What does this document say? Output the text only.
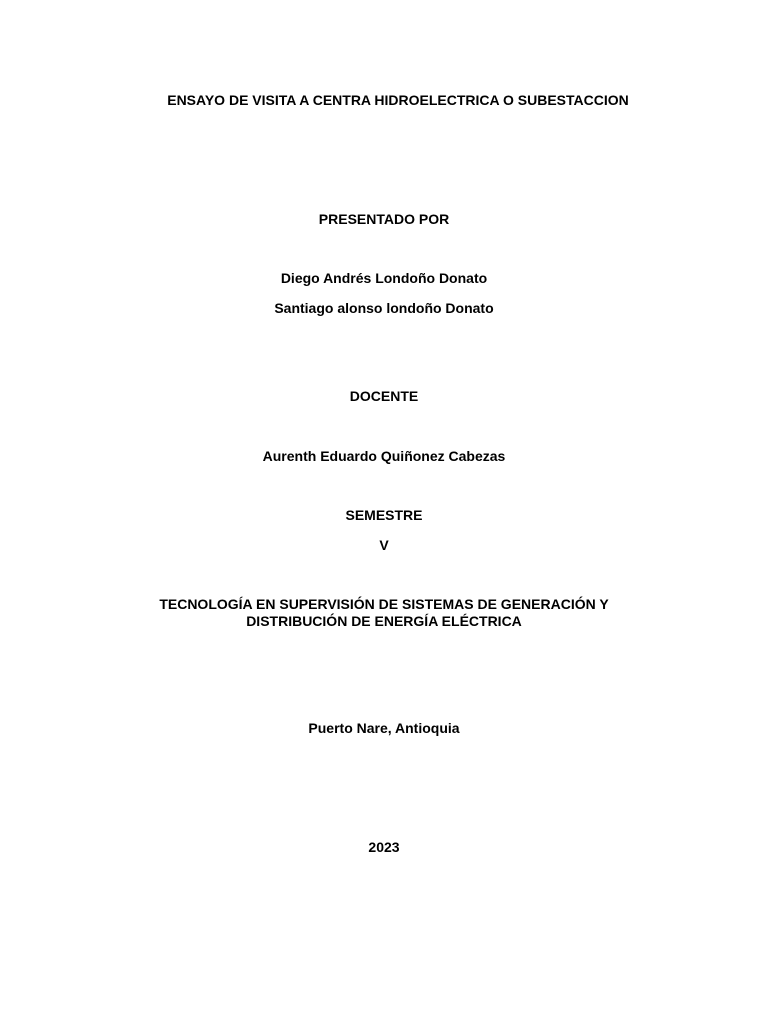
ENSAYO DE VISITA A CENTRA HIDROELECTRICA O SUBESTACCION
PRESENTADO POR
Diego Andrés Londoño Donato
Santiago alonso londoño Donato
DOCENTE
Aurenth Eduardo Quiñonez Cabezas
SEMESTRE
V
TECNOLOGÍA EN SUPERVISIÓN DE SISTEMAS DE GENERACIÓN Y
DISTRIBUCIÓN DE ENERGÍA ELÉCTRICA
Puerto Nare, Antioquia
2023
